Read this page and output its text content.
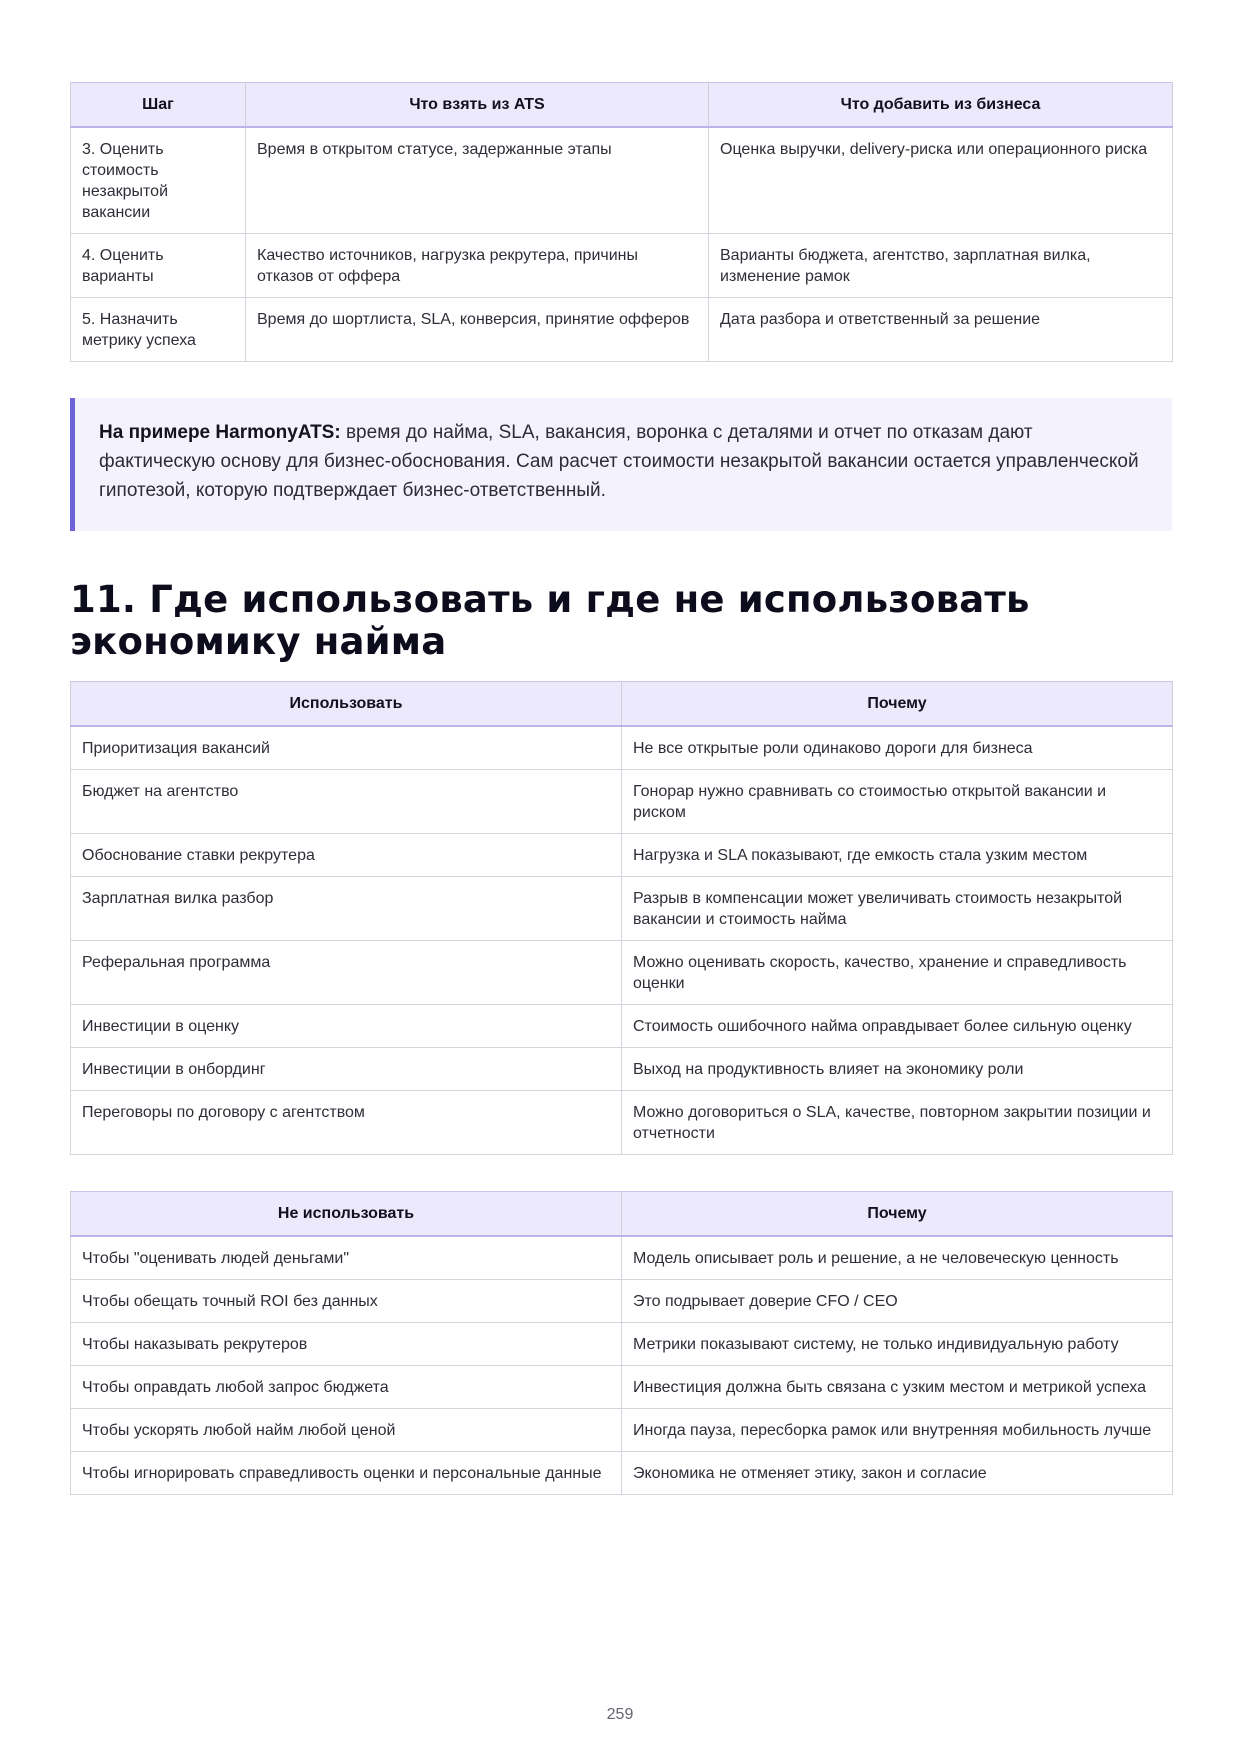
Шаг	Что взять из ATS	Что добавить из бизнеса
3. Оценить стоимость незакрытой вакансии	Время в открытом статусе, задержанные этапы	Оценка выручки, delivery-риска или операционного риска
4. Оценить варианты	Качество источников, нагрузка рекрутера, причины отказов от оффера	Варианты бюджета, агентство, зарплатная вилка, изменение рамок
5. Назначить метрику успеха	Время до шортлиста, SLA, конверсия, принятие офферов	Дата разбора и ответственный за решение
На примере HarmonyATS: время до найма, SLA, вакансия, воронка с деталями и отчет по отказам дают фактическую основу для бизнес-обоснования. Сам расчет стоимости незакрытой вакансии остается управленческой гипотезой, которую подтверждает бизнес-ответственный.
11. Где использовать и где не использовать экономику найма
Использовать	Почему
Приоритизация вакансий	Не все открытые роли одинаково дороги для бизнеса
Бюджет на агентство	Гонорар нужно сравнивать со стоимостью открытой вакансии и риском
Обоснование ставки рекрутера	Нагрузка и SLA показывают, где емкость стала узким местом
Зарплатная вилка разбор	Разрыв в компенсации может увеличивать стоимость незакрытой вакансии и стоимость найма
Реферальная программа	Можно оценивать скорость, качество, хранение и справедливость оценки
Инвестиции в оценку	Стоимость ошибочного найма оправдывает более сильную оценку
Инвестиции в онбординг	Выход на продуктивность влияет на экономику роли
Переговоры по договору с агентством	Можно договориться о SLA, качестве, повторном закрытии позиции и отчетности
Не использовать	Почему
Чтобы "оценивать людей деньгами"	Модель описывает роль и решение, а не человеческую ценность
Чтобы обещать точный ROI без данных	Это подрывает доверие CFO / CEO
Чтобы наказывать рекрутеров	Метрики показывают систему, не только индивидуальную работу
Чтобы оправдать любой запрос бюджета	Инвестиция должна быть связана с узким местом и метрикой успеха
Чтобы ускорять любой найм любой ценой	Иногда пауза, пересборка рамок или внутренняя мобильность лучше
Чтобы игнорировать справедливость оценки и персональные данные	Экономика не отменяет этику, закон и согласие
259
